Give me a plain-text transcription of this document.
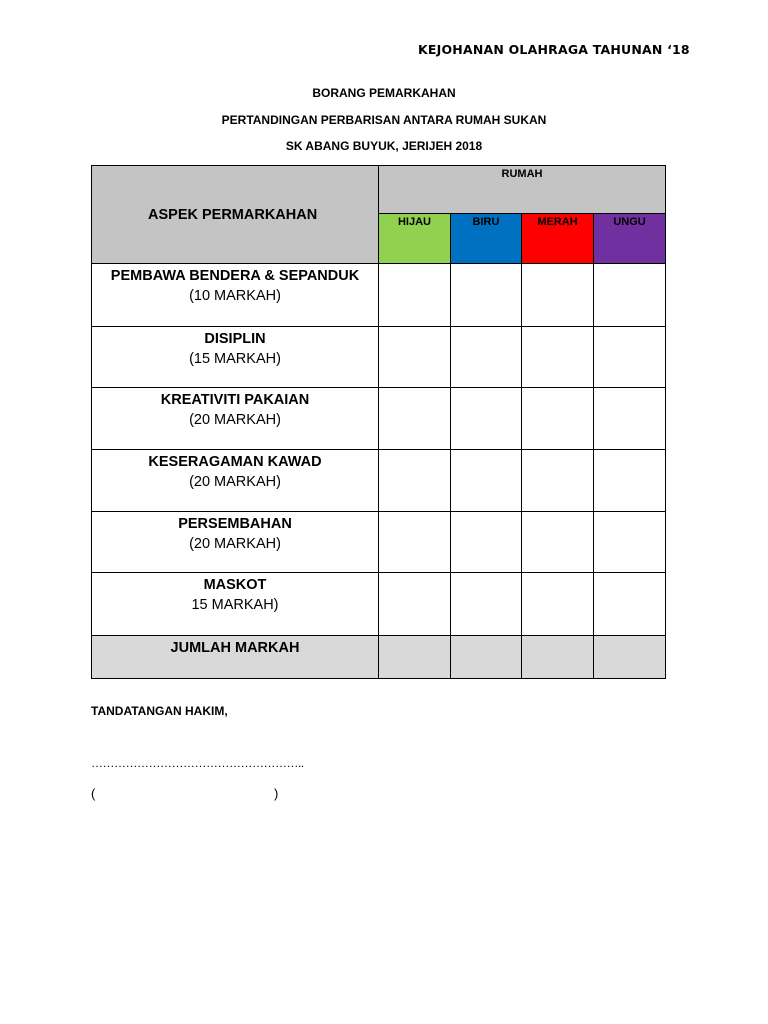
KEJOHANAN OLAHRAGA TAHUNAN ‘18
BORANG PEMARKAHAN
PERTANDINGAN PERBARISAN ANTARA RUMAH SUKAN
SK ABANG BUYUK, JERIJEH 2018
ASPEK PERMARKAHAN	RUMAH			
	HIJAU	BIRU	MERAH	UNGU

PEMBAWA BENDERA & SEPANDUK
(10 MARKAH)				

DISIPLIN
(15 MARKAH)				

KREATIVITI PAKAIAN
(20 MARKAH)				

KESERAGAMAN KAWAD
(20 MARKAH)				

PERSEMBAHAN
(20 MARKAH)				

MASKOT
15 MARKAH)				

JUMLAH MARKAH				
TANDATANGAN HAKIM,
………………………………………………..
(	)
